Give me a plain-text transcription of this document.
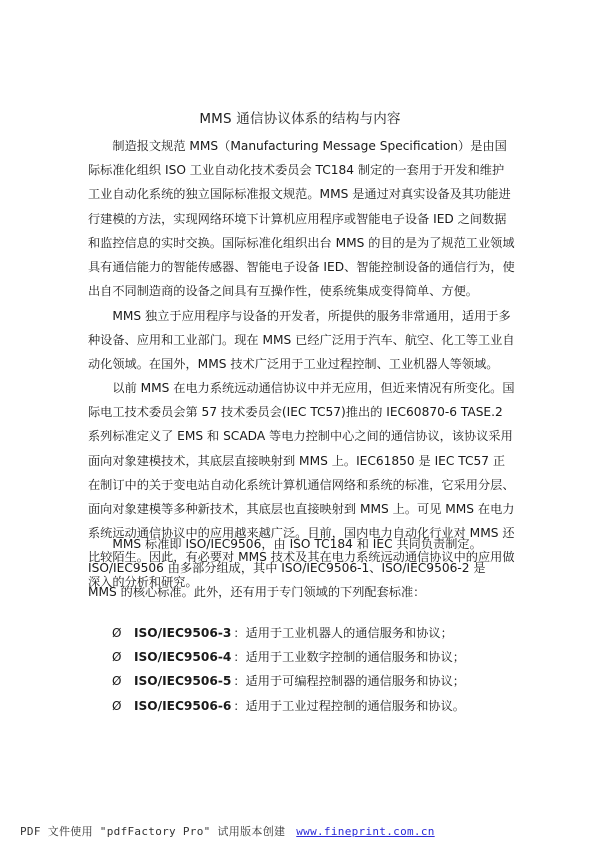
MMS 通信协议体系的结构与内容

制造报文规范 MMS（Manufacturing Message Specification）是由国际标准化组织 ISO 工业自动化技术委员会 TC184 制定的一套用于开发和维护工业自动化系统的独立国际标准报文规范。MMS 是通过对真实设备及其功能进行建模的方法，实现网络环境下计算机应用程序或智能电子设备 IED 之间数据和监控信息的实时交换。国际标准化组织出台 MMS 的目的是为了规范工业领域具有通信能力的智能传感器、智能电子设备 IED、智能控制设备的通信行为，使出自不同制造商的设备之间具有互操作性，使系统集成变得简单、方便。

MMS 独立于应用程序与设备的开发者，所提供的服务非常通用，适用于多种设备、应用和工业部门。现在 MMS 已经广泛用于汽车、航空、化工等工业自动化领域。在国外，MMS 技术广泛用于工业过程控制、工业机器人等领域。

以前 MMS 在电力系统远动通信协议中并无应用，但近来情况有所变化。国际电工技术委员会第 57 技术委员会(IEC TC57)推出的 IEC60870-6 TASE.2 系列标准定义了 EMS 和 SCADA 等电力控制中心之间的通信协议，该协议采用面向对象建模技术，其底层直接映射到 MMS 上。IEC61850 是 IEC TC57 正在制订中的关于变电站自动化系统计算机通信网络和系统的标准，它采用分层、面向对象建模等多种新技术，其底层也直接映射到 MMS 上。可见 MMS 在电力系统远动通信协议中的应用越来越广泛。目前，国内电力自动化行业对 MMS 还比较陌生。因此，有必要对 MMS 技术及其在电力系统远动通信协议中的应用做深入的分析和研究。

MMS 标准即 ISO/IEC9506，由 ISO TC184 和 IEC 共同负责制定。ISO/IEC9506 由多部分组成，其中 ISO/IEC9506-1、ISO/IEC9506-2 是 MMS 的核心标准。此外，还有用于专门领域的下列配套标准：

Ø	ISO/IEC9506-3 ：适用于工业机器人的通信服务和协议；
Ø	ISO/IEC9506-4 ：适用于工业数字控制的通信服务和协议；
Ø	ISO/IEC9506-5 ：适用于可编程控制器的通信服务和协议；
Ø	ISO/IEC9506-6 ：适用于工业过程控制的通信服务和协议。
PDF 文件使用 "pdfFactory Pro" 试用版本创建 www.fineprint.com.cn
